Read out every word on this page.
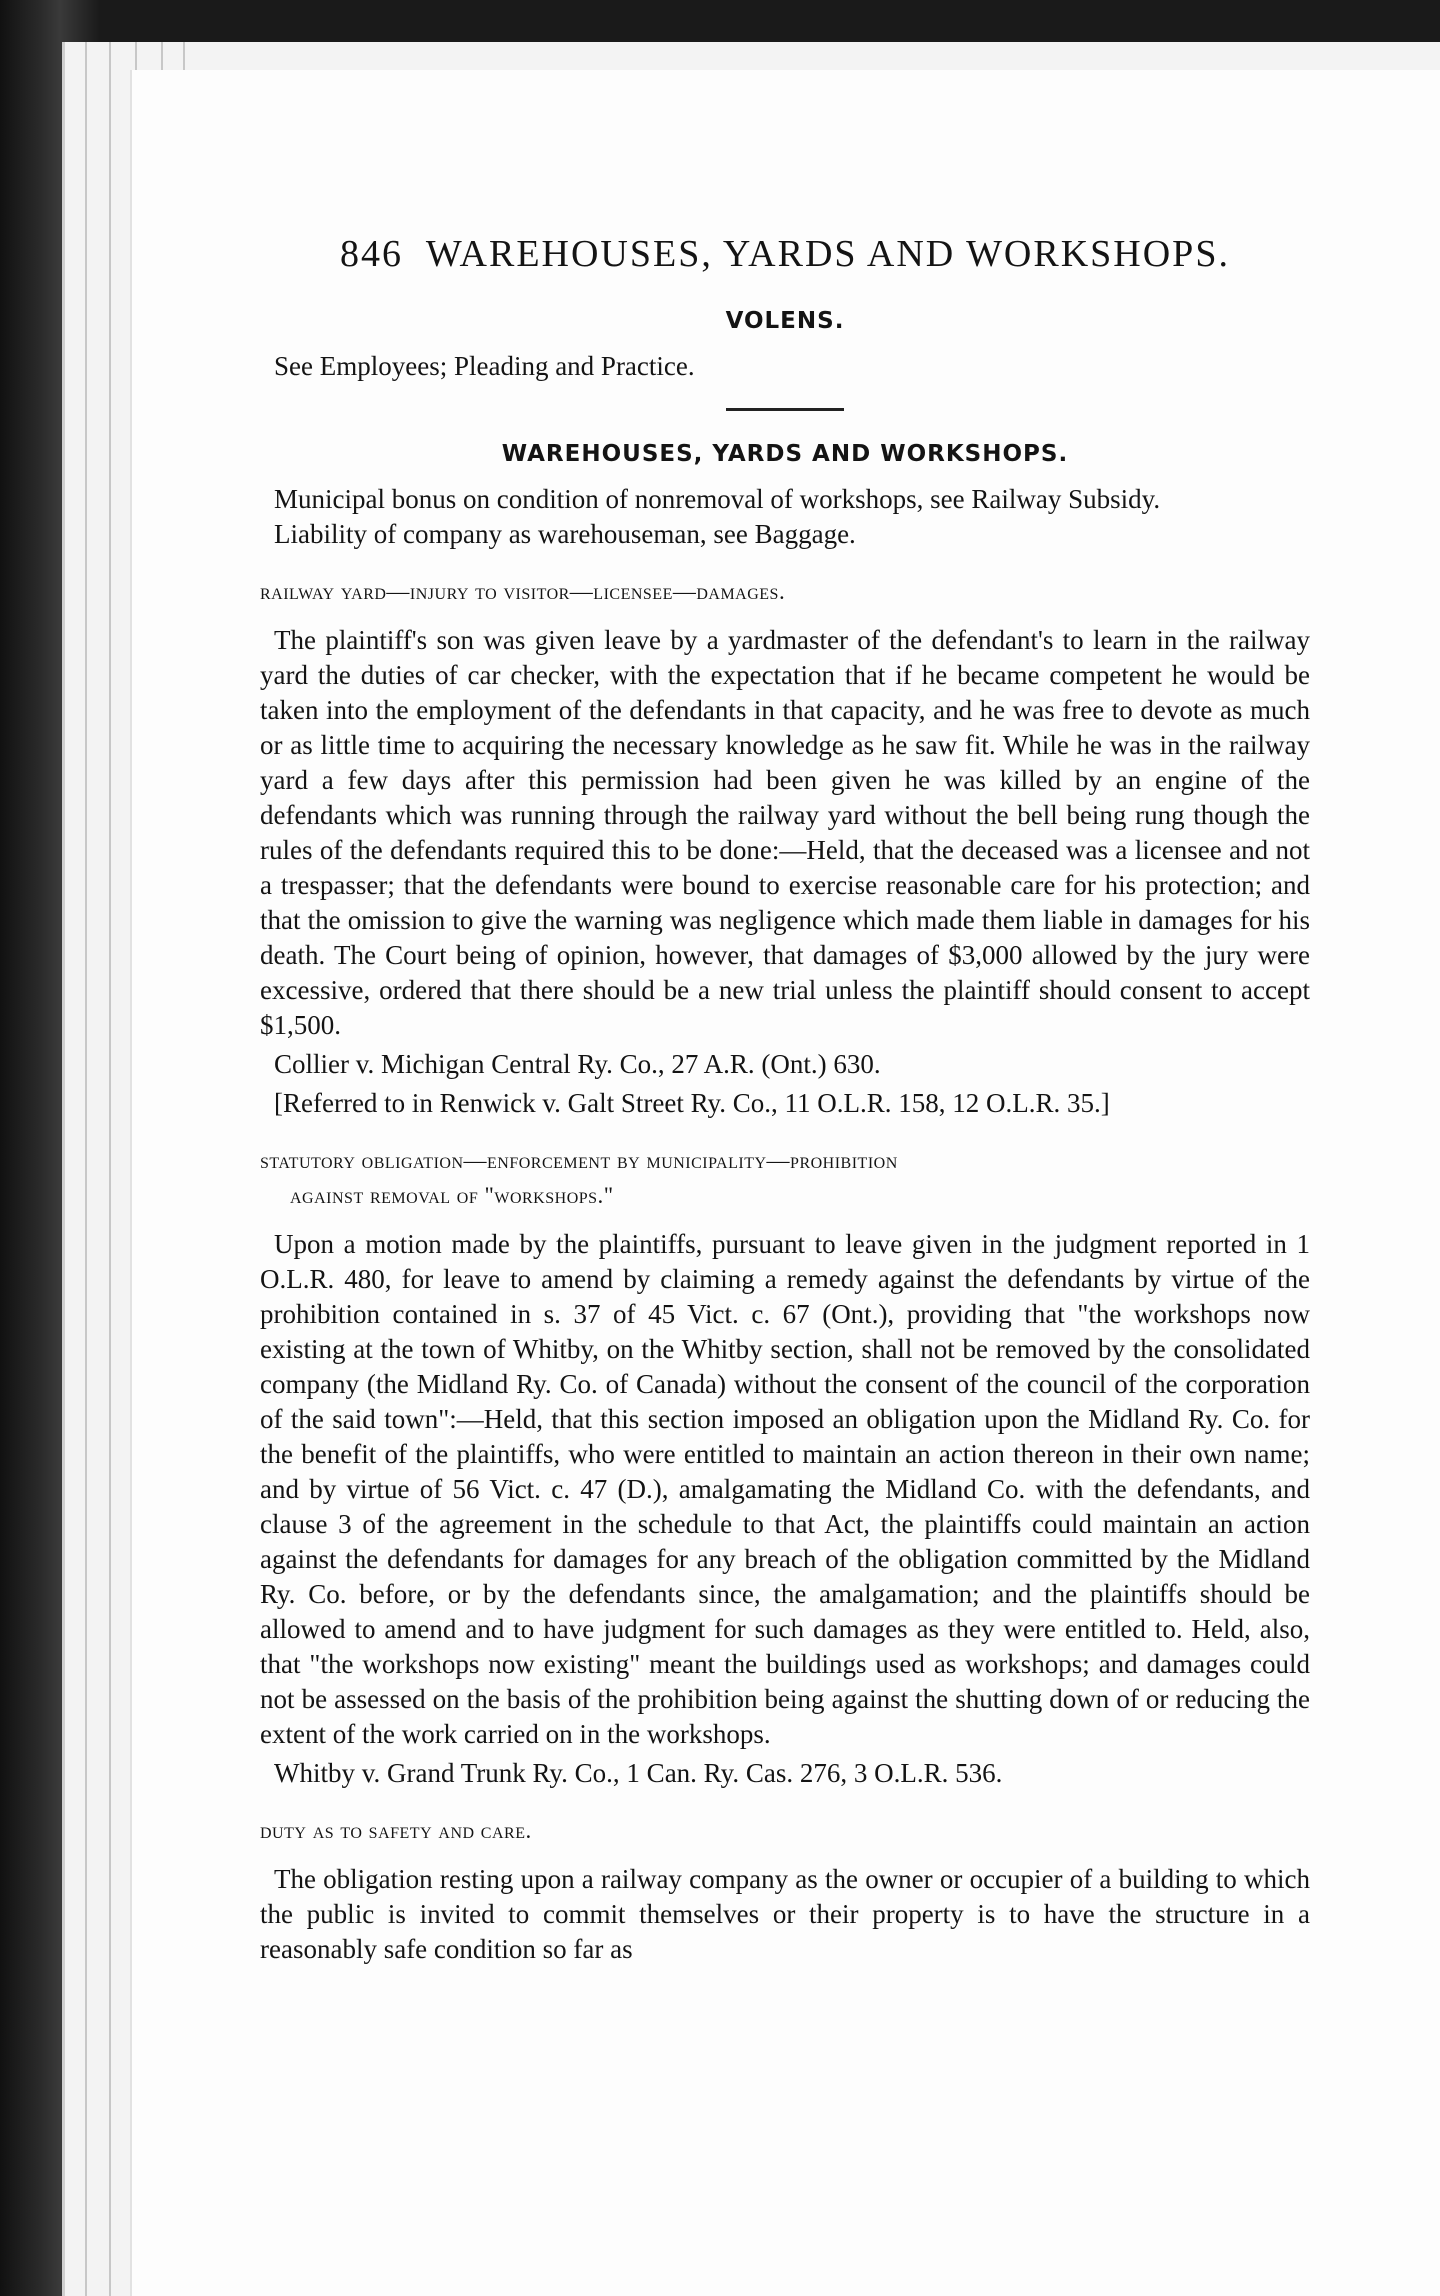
846 WAREHOUSES, YARDS AND WORKSHOPS.
VOLENS.

See Employees; Pleading and Practice.

WAREHOUSES, YARDS AND WORKSHOPS.

Municipal bonus on condition of nonremoval of workshops, see Railway Subsidy.

Liability of company as warehouseman, see Baggage.

railway yard—injury to visitor—licensee—damages.

The plaintiff's son was given leave by a yardmaster of the defendant's to learn in the railway yard the duties of car checker, with the expectation that if he became competent he would be taken into the employment of the defendants in that capacity, and he was free to devote as much or as little time to acquiring the necessary knowledge as he saw fit. While he was in the railway yard a few days after this permission had been given he was killed by an engine of the defendants which was running through the railway yard without the bell being rung though the rules of the defendants required this to be done:—Held, that the deceased was a licensee and not a trespasser; that the defendants were bound to exercise reasonable care for his protection; and that the omission to give the warning was negligence which made them liable in damages for his death. The Court being of opinion, however, that damages of $3,000 allowed by the jury were excessive, ordered that there should be a new trial unless the plaintiff should consent to accept $1,500.

Collier v. Michigan Central Ry. Co., 27 A.R. (Ont.) 630.

[Referred to in Renwick v. Galt Street Ry. Co., 11 O.L.R. 158, 12 O.L.R. 35.]

statutory obligation—enforcement by municipality—prohibition
against removal of "workshops."

Upon a motion made by the plaintiffs, pursuant to leave given in the judgment reported in 1 O.L.R. 480, for leave to amend by claiming a remedy against the defendants by virtue of the prohibition contained in s. 37 of 45 Vict. c. 67 (Ont.), providing that "the workshops now existing at the town of Whitby, on the Whitby section, shall not be removed by the consolidated company (the Midland Ry. Co. of Canada) without the consent of the council of the corporation of the said town":—Held, that this section imposed an obligation upon the Midland Ry. Co. for the benefit of the plaintiffs, who were entitled to maintain an action thereon in their own name; and by virtue of 56 Vict. c. 47 (D.), amalgamating the Midland Co. with the defendants, and clause 3 of the agreement in the schedule to that Act, the plaintiffs could maintain an action against the defendants for damages for any breach of the obligation committed by the Midland Ry. Co. before, or by the defendants since, the amalgamation; and the plaintiffs should be allowed to amend and to have judgment for such damages as they were entitled to. Held, also, that "the workshops now existing" meant the buildings used as workshops; and damages could not be assessed on the basis of the prohibition being against the shutting down of or reducing the extent of the work carried on in the workshops.

Whitby v. Grand Trunk Ry. Co., 1 Can. Ry. Cas. 276, 3 O.L.R. 536.

duty as to safety and care.

The obligation resting upon a railway company as the owner or occupier of a building to which the public is invited to commit themselves or their property is to have the structure in a reasonably safe condition so far as
